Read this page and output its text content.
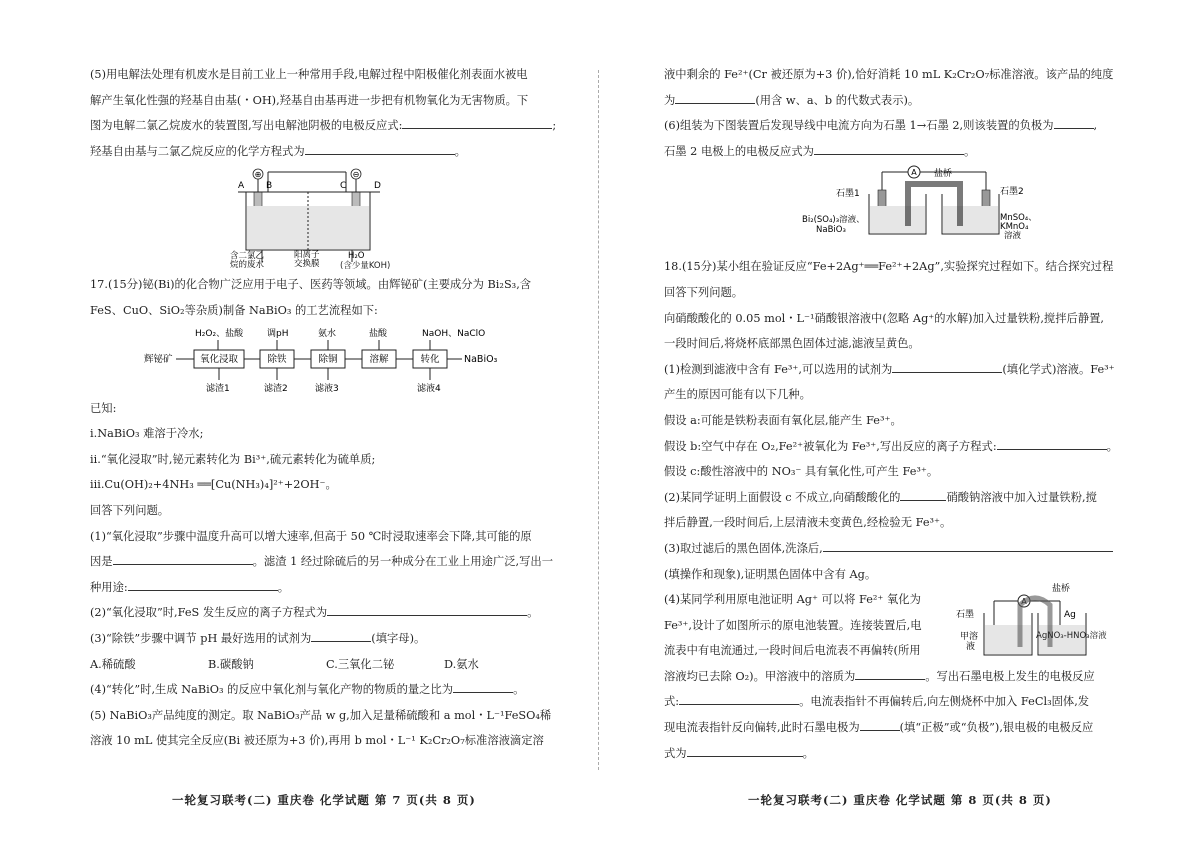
(5)用电解法处理有机废水是目前工业上一种常用手段,电解过程中阳极催化剂表面水被电

解产生氧化性强的羟基自由基(・OH),羟基自由基再进一步把有机物氧化为无害物质。下

图为电解二氯乙烷废水的装置图,写出电解池阴极的电极反应式:	;

羟基自由基与二氯乙烷反应的化学方程式为	。

⊕	⊖
A B	C	D
含二氯乙
烷的废水
阳离子
交换膜
H₂O
(含少量KOH)

17.(15分)铋(Bi)的化合物广泛应用于电子、医药等领域。由辉铋矿(主要成分为 Bi₂S₃,含

FeS、CuO、SiO₂等杂质)制备 NaBiO₃ 的工艺流程如下:

H₂O₂、盐酸	调pH	氨水	盐酸	NaOH、NaClO
辉铋矿	氧化浸取	除铁	除铜	溶解	转化	NaBiO₃
滤渣1	滤渣2	滤液3	滤液4

已知:

ⅰ.NaBiO₃ 难溶于冷水;

ⅱ.“氧化浸取”时,铋元素转化为 Bi³⁺,硫元素转化为硫单质;

ⅲ.Cu(OH)₂+4NH₃ ══[Cu(NH₃)₄]²⁺+2OH⁻。

回答下列问题。

(1)“氧化浸取”步骤中温度升高可以增大速率,但高于 50 ℃时浸取速率会下降,其可能的原

因是	。滤渣 1 经过除硫后的另一种成分在工业上用途广泛,写出一

种用途:	。

(2)“氧化浸取”时,FeS 发生反应的离子方程式为	。

(3)“除铁”步骤中调节 pH 最好选用的试剂为	(填字母)。

A.稀硫酸	B.碳酸钠	C.三氧化二铋	D.氨水

(4)“转化”时,生成 NaBiO₃ 的反应中氧化剂与氧化产物的物质的量之比为	。

(5) NaBiO₃产品纯度的测定。取 NaBiO₃产品 w g,加入足量稀硫酸和 a mol・L⁻¹FeSO₄稀

溶液 10 mL 使其完全反应(Bi 被还原为+3 价),再用 b mol・L⁻¹ K₂Cr₂O₇标准溶液滴定溶

液中剩余的 Fe²⁺(Cr 被还原为+3 价),恰好消耗 10 mL K₂Cr₂O₇标准溶液。该产品的纯度

为	(用含 w、a、b 的代数式表示)。

(6)组装为下图装置后发现导线中电流方向为石墨 1→石墨 2,则该装置的负极为	,

石墨 2 电极上的电极反应式为	。

A 盐桥
石墨1	石墨2
Bi₂(SO₄)₃溶液、
NaBiO₃
MnSO₄、
KMnO₄
溶液

18.(15分)某小组在验证反应“Fe+2Ag⁺══Fe²⁺+2Ag”,实验探究过程如下。结合探究过程

回答下列问题。

向硝酸酸化的 0.05 mol・L⁻¹硝酸银溶液中(忽略 Ag⁺的水解)加入过量铁粉,搅拌后静置,

一段时间后,将烧杯底部黑色固体过滤,滤液呈黄色。

(1)检测到滤液中含有 Fe³⁺,可以选用的试剂为	(填化学式)溶液。Fe³⁺

产生的原因可能有以下几种。

假设 a:可能是铁粉表面有氧化层,能产生 Fe³⁺。

假设 b:空气中存在 O₂,Fe²⁺被氧化为 Fe³⁺,写出反应的离子方程式:	。

假设 c:酸性溶液中的 NO₃⁻ 具有氧化性,可产生 Fe³⁺。

(2)某同学证明上面假设 c 不成立,向硝酸酸化的	硝酸钠溶液中加入过量铁粉,搅

拌后静置,一段时间后,上层清液未变黄色,经检验无 Fe³⁺。

(3)取过滤后的黑色固体,洗涤后,

(填操作和现象),证明黑色固体中含有 Ag。

(4)某同学利用原电池证明 Ag⁺ 可以将 Fe²⁺ 氧化为

Fe³⁺,设计了如图所示的原电池装置。连接装置后,电

流表中有电流通过,一段时间后电流表不再偏转(所用

盐桥
A
石墨	Ag
甲溶
液
AgNO₃-HNO₃溶液

溶液均已去除 O₂)。甲溶液中的溶质为	。写出石墨电极上发生的电极反应

式:	。电流表指针不再偏转后,向左侧烧杯中加入 FeCl₃固体,发

现电流表指针反向偏转,此时石墨电极为	(填“正极”或“负极”),银电极的电极反应

式为	。

一轮复习联考(二) 重庆卷 化学试题 第 7 页(共 8 页)	一轮复习联考(二) 重庆卷 化学试题 第 8 页(共 8 页)
